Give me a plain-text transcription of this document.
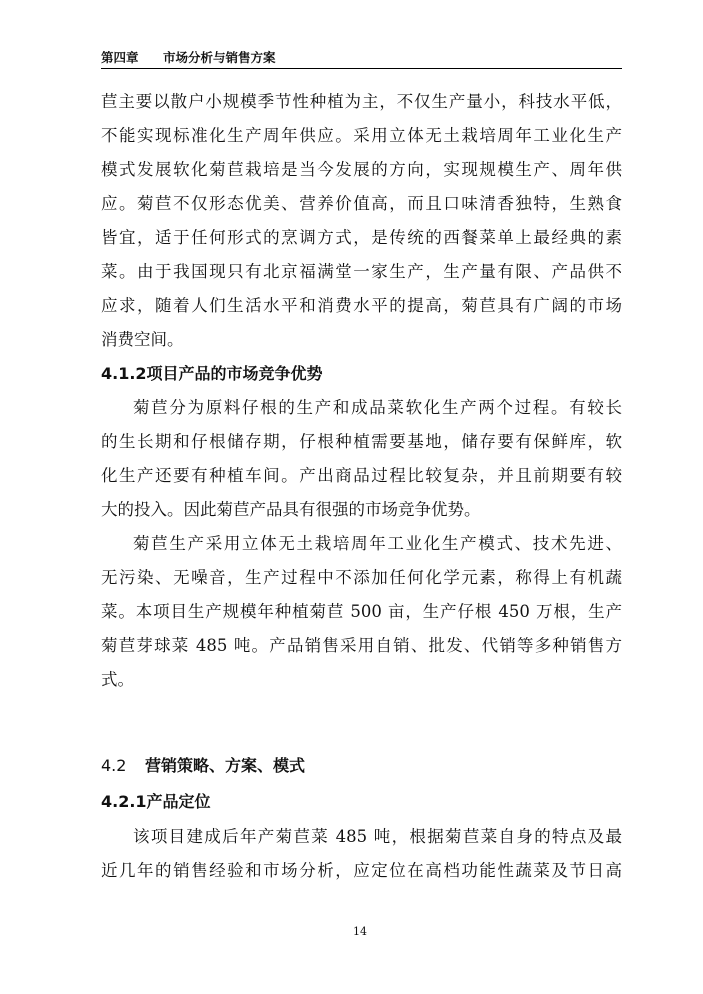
第四章 市场分析与销售方案
苣主要以散户小规模季节性种植为主，不仅生产量小，科技水平低，
不能实现标准化生产周年供应。采用立体无土栽培周年工业化生产
模式发展软化菊苣栽培是当今发展的方向，实现规模生产、周年供
应。菊苣不仅形态优美、营养价值高，而且口味清香独特，生熟食
皆宜，适于任何形式的烹调方式，是传统的西餐菜单上最经典的素
菜。由于我国现只有北京福满堂一家生产，生产量有限、产品供不
应求，随着人们生活水平和消费水平的提高，菊苣具有广阔的市场
消费空间。
4.1.2项目产品的市场竞争优势
菊苣分为原料仔根的生产和成品菜软化生产两个过程。有较长
的生长期和仔根储存期，仔根种植需要基地，储存要有保鲜库，软
化生产还要有种植车间。产出商品过程比较复杂，并且前期要有较
大的投入。因此菊苣产品具有很强的市场竞争优势。
菊苣生产采用立体无土栽培周年工业化生产模式、技术先进、
无污染、无噪音，生产过程中不添加任何化学元素，称得上有机蔬
菜。本项目生产规模年种植菊苣 500 亩，生产仔根 450 万根，生产
菊苣芽球菜 485 吨。产品销售采用自销、批发、代销等多种销售方
式。
4.2 营销策略、方案、模式
4.2.1产品定位
该项目建成后年产菊苣菜 485 吨，根据菊苣菜自身的特点及最
近几年的销售经验和市场分析，应定位在高档功能性蔬菜及节日高
14
